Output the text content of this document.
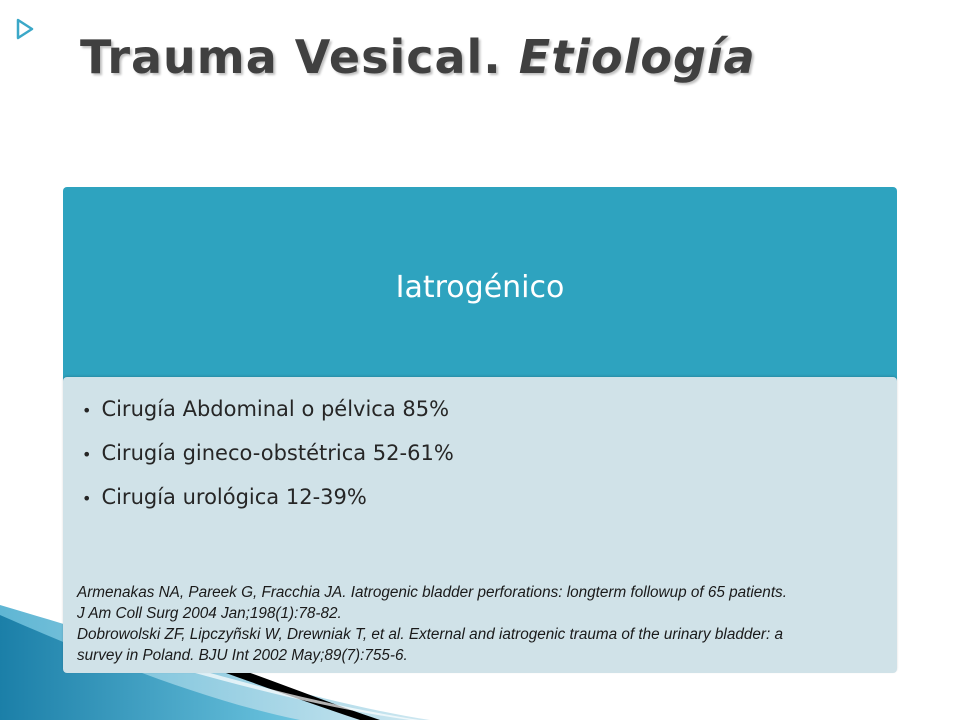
Trauma Vesical. Etiología
Iatrogénico
• Cirugía Abdominal o pélvica 85%
• Cirugía gineco-obstétrica 52-61%
• Cirugía urológica 12-39%
Armenakas NA, Pareek G, Fracchia JA. Iatrogenic bladder perforations: longterm followup of 65 patients.
J Am Coll Surg 2004 Jan;198(1):78-82.
Dobrowolski ZF, Lipczyñski W, Drewniak T, et al. External and iatrogenic trauma of the urinary bladder: a
survey in Poland. BJU Int 2002 May;89(7):755-6.
